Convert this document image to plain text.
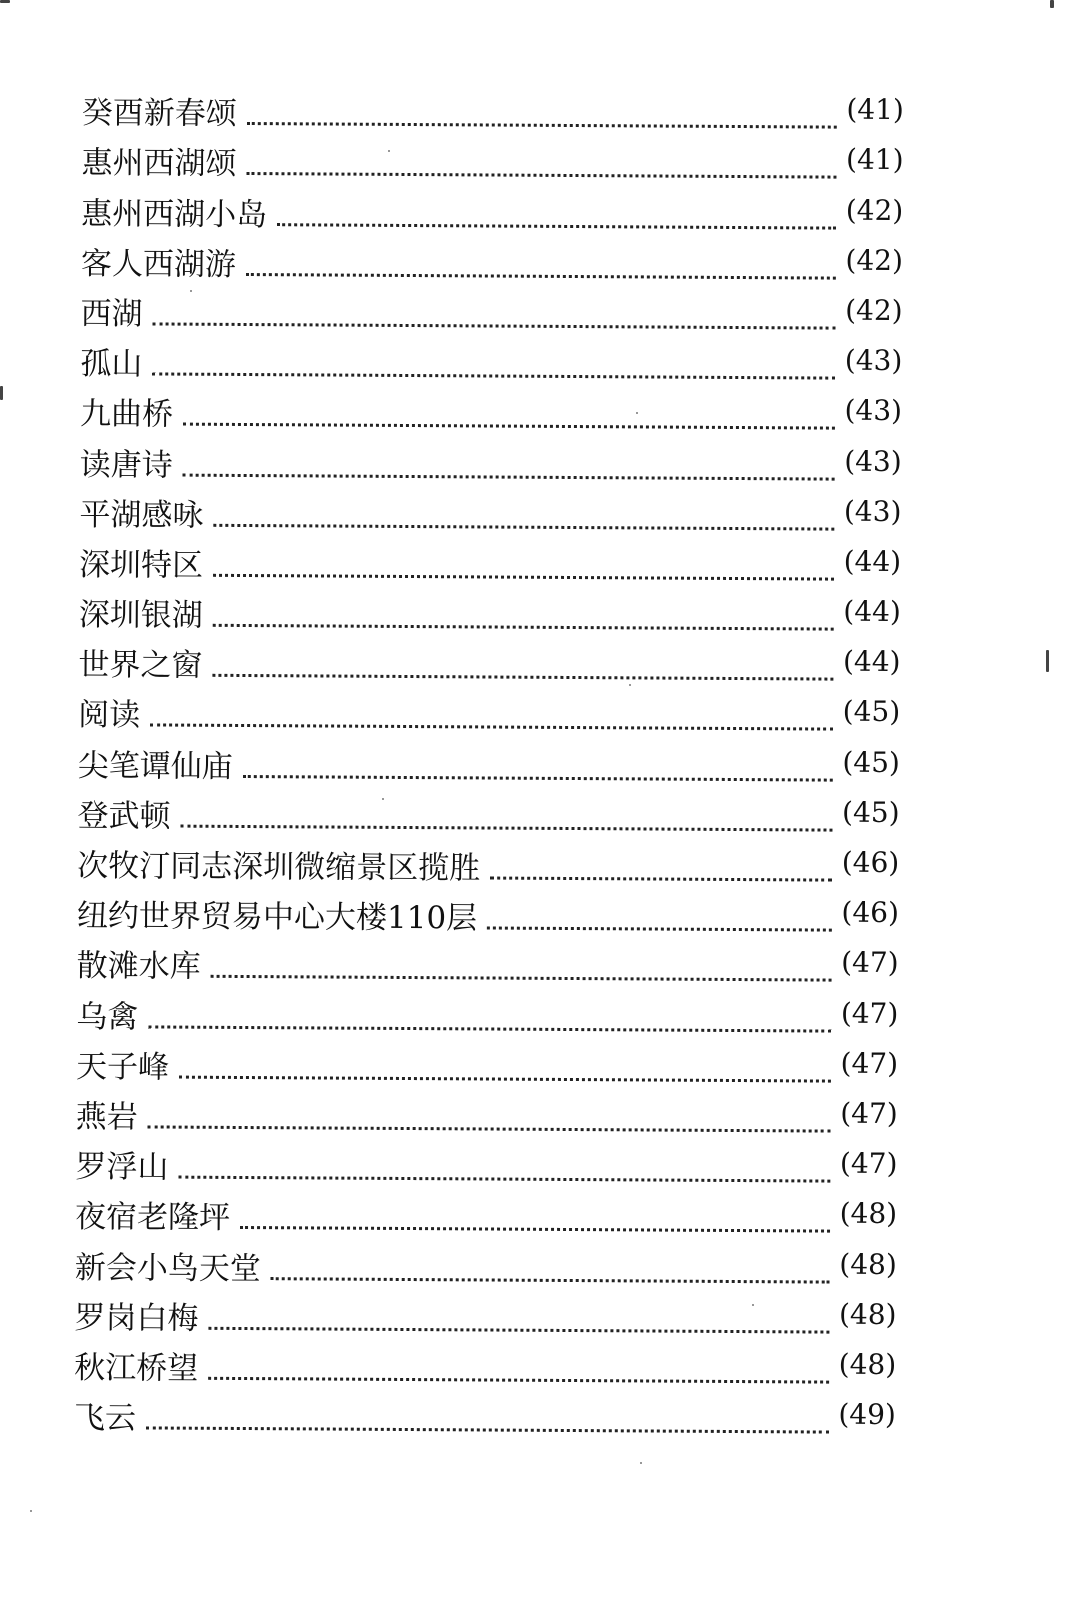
癸酉新春颂	(41)
惠州西湖颂	(41)
惠州西湖小岛	(42)
客人西湖游	(42)
西湖	(42)
孤山	(43)
九曲桥	(43)
读唐诗	(43)
平湖感咏	(43)
深圳特区	(44)
深圳银湖	(44)
世界之窗	(44)
阅读	(45)
尖笔谭仙庙	(45)
登武顿	(45)
次牧汀同志深圳微缩景区揽胜	(46)
纽约世界贸易中心大楼110层	(46)
散滩水库	(47)
乌禽	(47)
天子峰	(47)
燕岩	(47)
罗浮山	(47)
夜宿老隆坪	(48)
新会小鸟天堂	(48)
罗岗白梅	(48)
秋江桥望	(48)
飞云	(49)
